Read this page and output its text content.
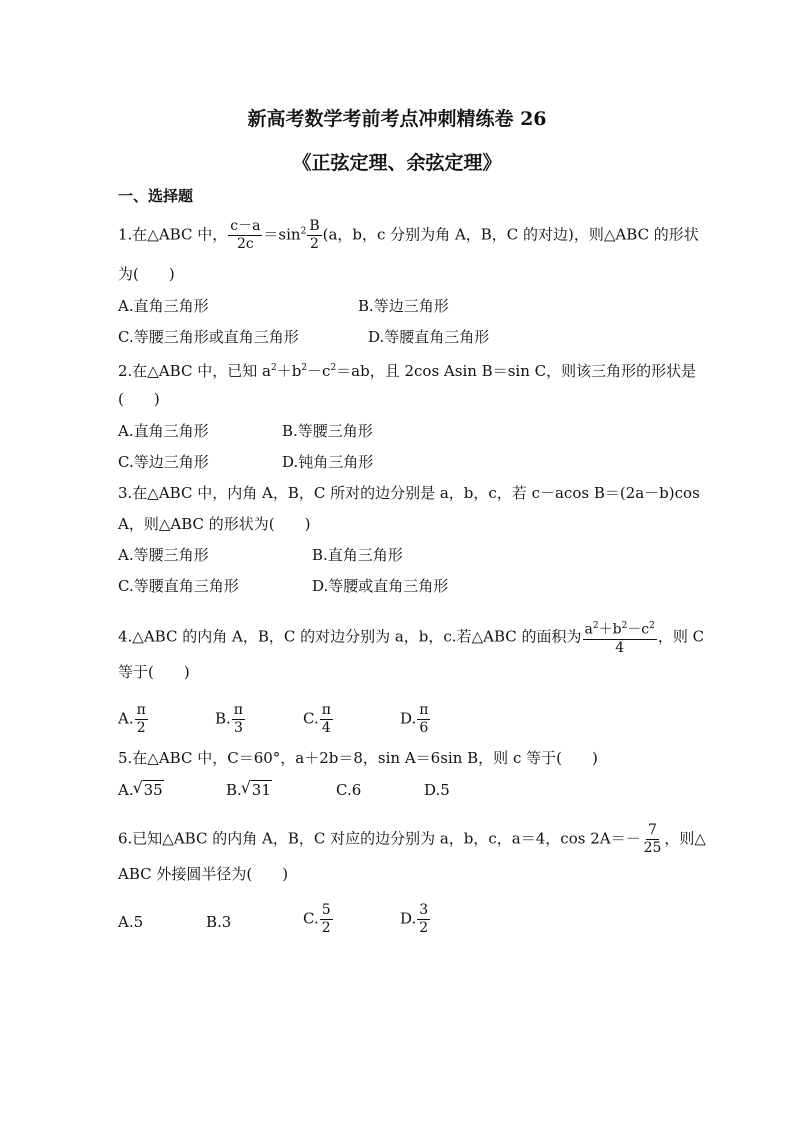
新高考数学考前考点冲刺精练卷 26
《正弦定理、余弦定理》
一、选择题
1.在△ABC 中， $\frac{c-a}{2c} =\sin^2 \frac{B}{2} (a$，b，c 分别为角 A，B，C 的对边)，则△ABC 的形状
为(　　)
A.直角三角形	B.等边三角形
C.等腰三角形或直角三角形	D.等腰直角三角形
2.在△ABC 中，已知 $a^2+b^2-c^2=ab$，且 2cos Asin B＝sin C，则该三角形的形状是
(　　)
A.直角三角形	B.等腰三角形
C.等边三角形	D.钝角三角形
3.在△ABC 中，内角 A，B，C 所对的边分别是 a，b，c，若 c－acos B＝(2a－b)cos
A，则△ABC 的形状为(　　)
A.等腰三角形	B.直角三角形
C.等腰直角三角形	D.等腰或直角三角形
4.△ABC 的内角 A，B，C 的对边分别为 a，b，c.若△ABC 的面积为 $\frac{a^2+b^2-c^2}{4}$ ，则 C
等于(　　)
A. $\frac{\pi}{2}$	B. $\frac{\pi}{3}$	C. $\frac{\pi}{4}$	D. $\frac{\pi}{6}$
5.在△ABC 中，C＝60°，a＋2b＝8，sin A＝6sin B，则 c 等于(　　)
A. √ 35	B. √ 31	C.6	D.5
6.已知△ABC 的内角 A，B，C 对应的边分别为 a，b，c，a＝4，$\cos 2A=- \frac{7}{25}$ ，则△
ABC 外接圆半径为(　　)
A.5	B.3	C. $\frac{5}{2}$	D. $\frac{3}{2}$
